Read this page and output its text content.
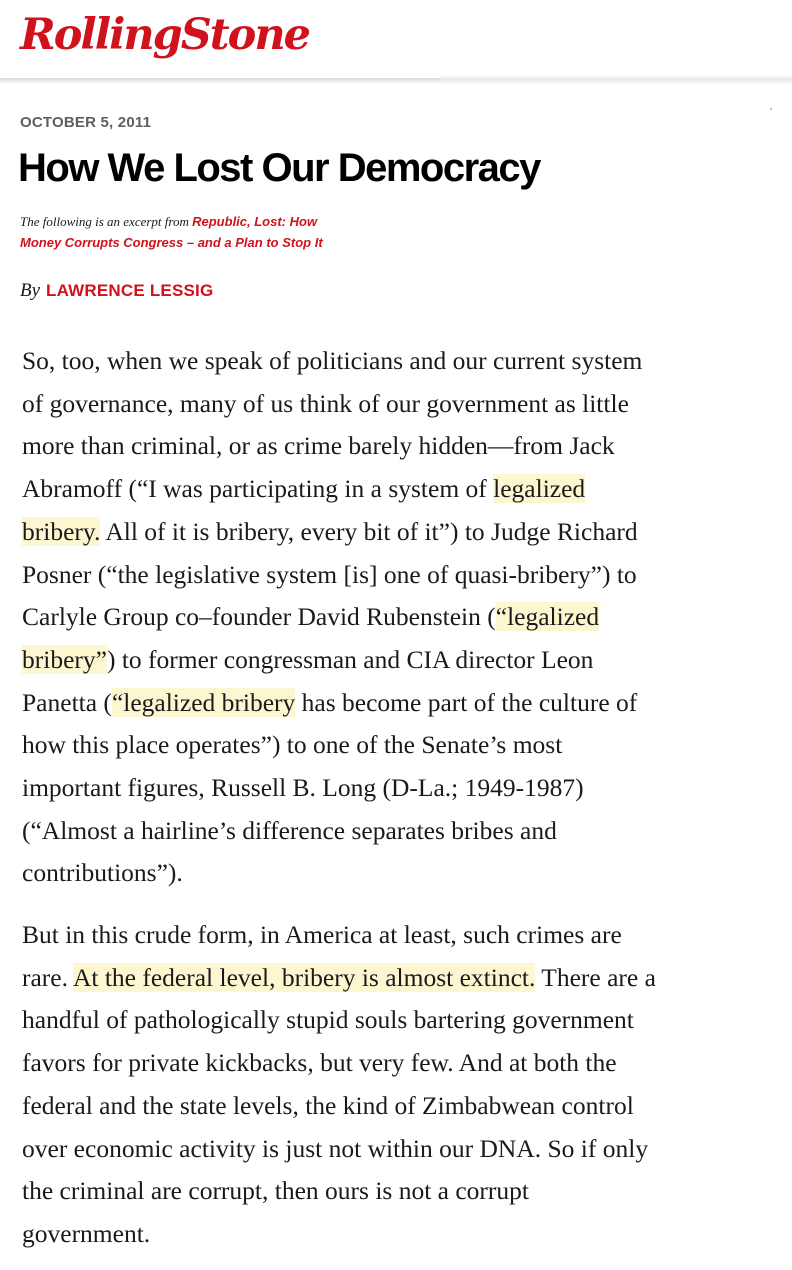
RollingStone
OCTOBER 5, 2011
How We Lost Our Democracy
The following is an excerpt from Republic, Lost: How
Money Corrupts Congress – and a Plan to Stop It
By LAWRENCE LESSIG
So, too, when we speak of politicians and our current system
of governance, many of us think of our government as little
more than criminal, or as crime barely hidden—from Jack
Abramoff (“I was participating in a system of legalized
bribery. All of it is bribery, every bit of it”) to Judge Richard
Posner (“the legislative system [is] one of quasi-bribery”) to
Carlyle Group co–founder David Rubenstein (“legalized
bribery”) to former congressman and CIA director Leon
Panetta (“legalized bribery has become part of the culture of
how this place operates”) to one of the Senate’s most
important figures, Russell B. Long (D-La.; 1949-1987)
(“Almost a hairline’s difference separates bribes and
contributions”).
But in this crude form, in America at least, such crimes are
rare. At the federal level, bribery is almost extinct. There are a
handful of pathologically stupid souls bartering government
favors for private kickbacks, but very few. And at both the
federal and the state levels, the kind of Zimbabwean control
over economic activity is just not within our DNA. So if only
the criminal are corrupt, then ours is not a corrupt
government.
